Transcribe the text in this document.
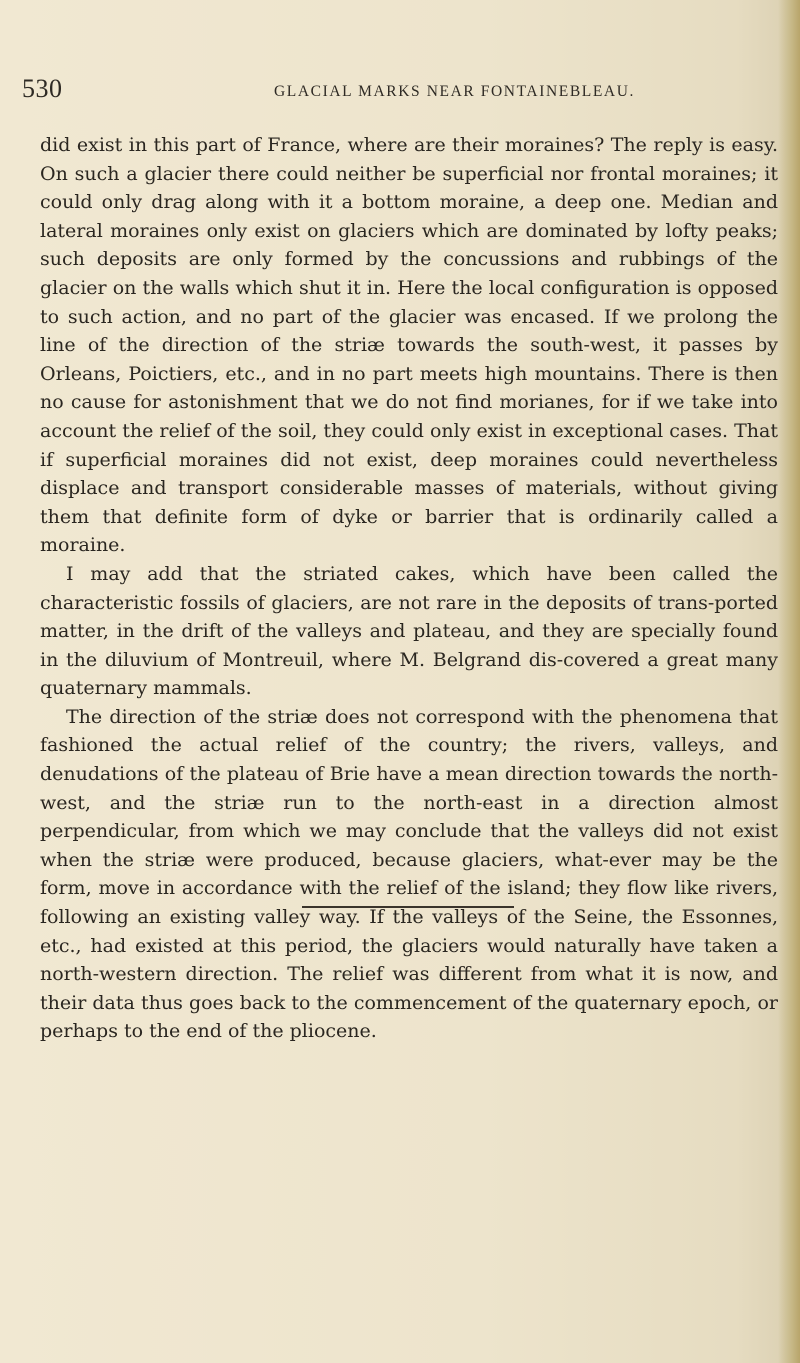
530	GLACIAL MARKS NEAR FONTAINEBLEAU.

did exist in this part of France, where are their moraines? The reply is easy. On such a glacier there could neither be superficial nor frontal moraines; it could only drag along with it a bottom moraine, a deep one. Median and lateral moraines only exist on glaciers which are dominated by lofty peaks; such deposits are only formed by the concussions and rubbings of the glacier on the walls which shut it in. Here the local configuration is opposed to such action, and no part of the glacier was encased. If we prolong the line of the direction of the striæ towards the south-west, it passes by Orleans, Poictiers, etc., and in no part meets high mountains. There is then no cause for astonishment that we do not find morianes, for if we take into account the relief of the soil, they could only exist in exceptional cases. That if superficial moraines did not exist, deep moraines could nevertheless displace and transport considerable masses of materials, without giving them that definite form of dyke or barrier that is ordinarily called a moraine.

I may add that the striated cakes, which have been called the characteristic fossils of glaciers, are not rare in the deposits of trans-ported matter, in the drift of the valleys and plateau, and they are specially found in the diluvium of Montreuil, where M. Belgrand dis-covered a great many quaternary mammals.

The direction of the striæ does not correspond with the phenomena that fashioned the actual relief of the country; the rivers, valleys, and denudations of the plateau of Brie have a mean direction towards the north-west, and the striæ run to the north-east in a direction almost perpendicular, from which we may conclude that the valleys did not exist when the striæ were produced, because glaciers, what-ever may be the form, move in accordance with the relief of the island; they flow like rivers, following an existing valley way. If the valleys of the Seine, the Essonnes, etc., had existed at this period, the glaciers would naturally have taken a north-western direction. The relief was different from what it is now, and their data thus goes back to the commencement of the quaternary epoch, or perhaps to the end of the pliocene.
